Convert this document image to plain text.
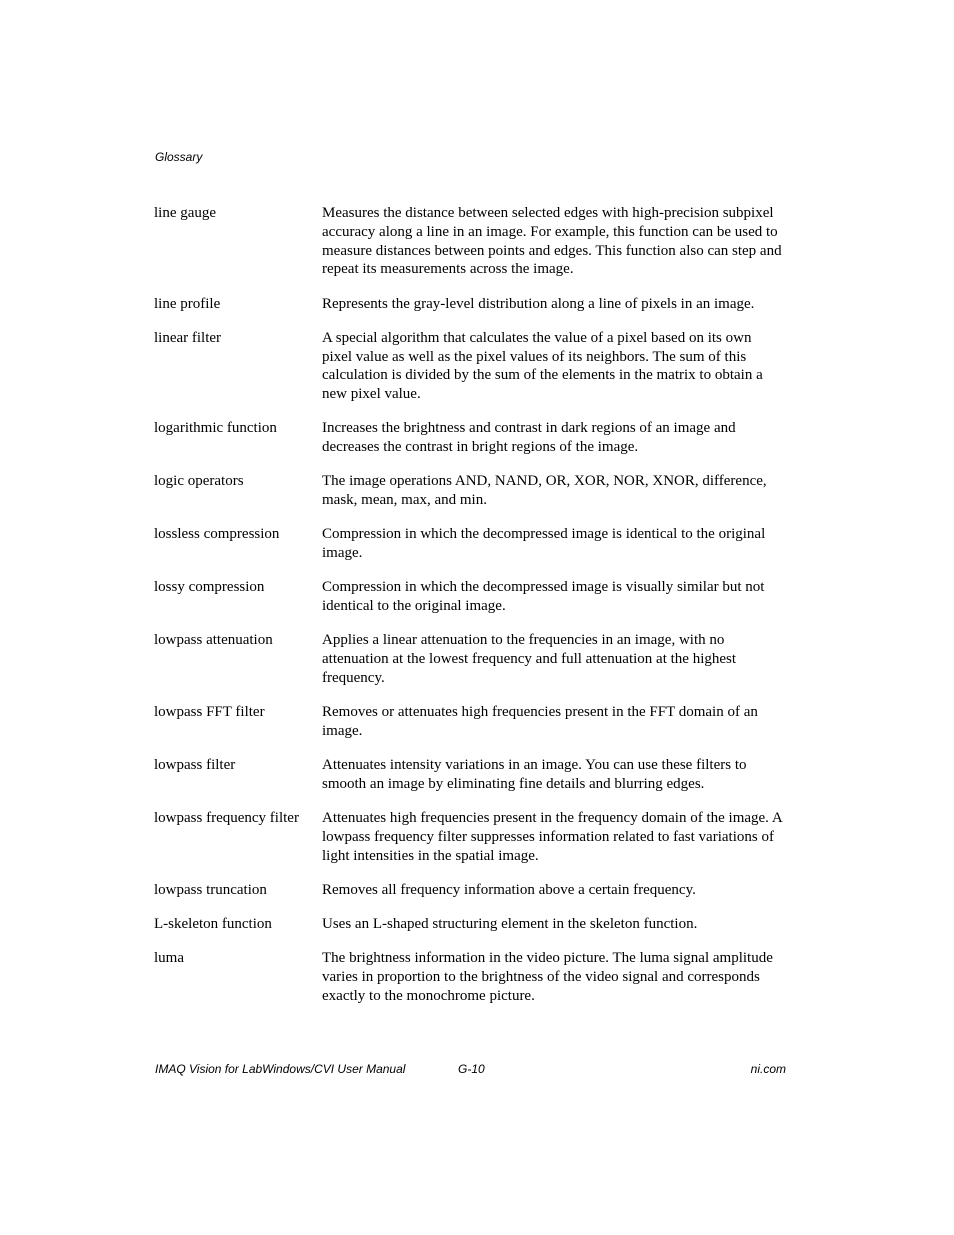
Glossary
line gauge	Measures the distance between selected edges with high-precision subpixel accuracy along a line in an image. For example, this function can be used to measure distances between points and edges. This function also can step and repeat its measurements across the image.
line profile	Represents the gray-level distribution along a line of pixels in an image.
linear filter	A special algorithm that calculates the value of a pixel based on its own pixel value as well as the pixel values of its neighbors. The sum of this calculation is divided by the sum of the elements in the matrix to obtain a new pixel value.
logarithmic function	Increases the brightness and contrast in dark regions of an image and decreases the contrast in bright regions of the image.
logic operators	The image operations AND, NAND, OR, XOR, NOR, XNOR, difference, mask, mean, max, and min.
lossless compression	Compression in which the decompressed image is identical to the original image.
lossy compression	Compression in which the decompressed image is visually similar but not identical to the original image.
lowpass attenuation	Applies a linear attenuation to the frequencies in an image, with no attenuation at the lowest frequency and full attenuation at the highest frequency.
lowpass FFT filter	Removes or attenuates high frequencies present in the FFT domain of an image.
lowpass filter	Attenuates intensity variations in an image. You can use these filters to smooth an image by eliminating fine details and blurring edges.
lowpass frequency filter	Attenuates high frequencies present in the frequency domain of the image. A lowpass frequency filter suppresses information related to fast variations of light intensities in the spatial image.
lowpass truncation	Removes all frequency information above a certain frequency.
L-skeleton function	Uses an L-shaped structuring element in the skeleton function.
luma	The brightness information in the video picture. The luma signal amplitude varies in proportion to the brightness of the video signal and corresponds exactly to the monochrome picture.
IMAQ Vision for LabWindows/CVI User Manual	G-10	ni.com
